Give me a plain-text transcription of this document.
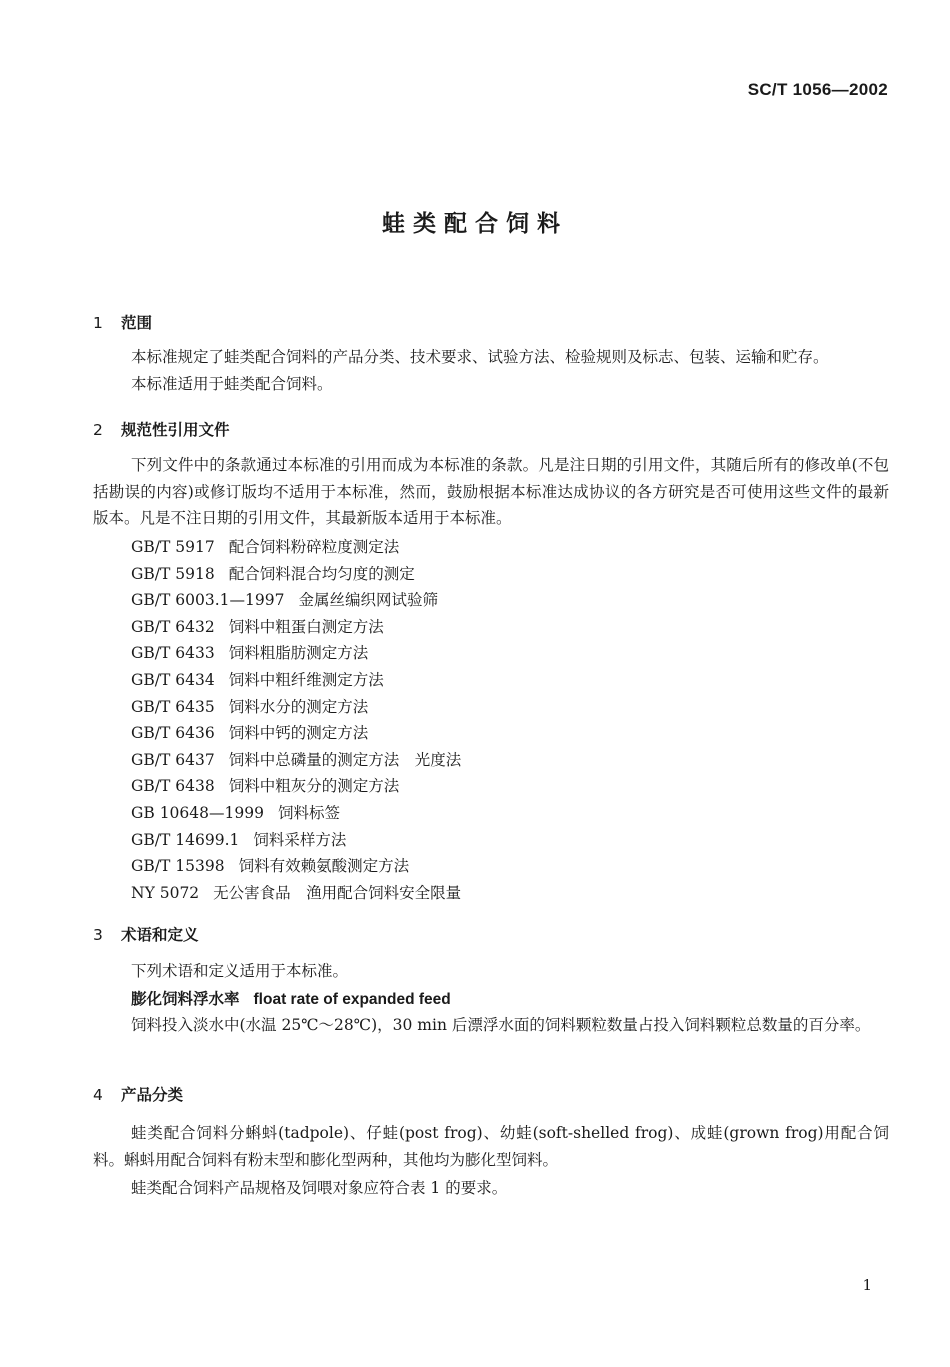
SC/T 1056—2002
蛙类配合饲料
1 范围

本标准规定了蛙类配合饲料的产品分类、技术要求、试验方法、检验规则及标志、包装、运输和贮存。

本标准适用于蛙类配合饲料。

2 规范性引用文件

下列文件中的条款通过本标准的引用而成为本标准的条款。凡是注日期的引用文件，其随后所有的修改单(不包括勘误的内容)或修订版均不适用于本标准，然而，鼓励根据本标准达成协议的各方研究是否可使用这些文件的最新版本。凡是不注日期的引用文件，其最新版本适用于本标准。

GB/T 5917 配合饲料粉碎粒度测定法
GB/T 5918 配合饲料混合均匀度的测定
GB/T 6003.1—1997 金属丝编织网试验筛
GB/T 6432 饲料中粗蛋白测定方法
GB/T 6433 饲料粗脂肪测定方法
GB/T 6434 饲料中粗纤维测定方法
GB/T 6435 饲料水分的测定方法
GB/T 6436 饲料中钙的测定方法
GB/T 6437 饲料中总磷量的测定方法　光度法
GB/T 6438 饲料中粗灰分的测定方法
GB 10648—1999 饲料标签
GB/T 14699.1 饲料采样方法
GB/T 15398 饲料有效赖氨酸测定方法
NY 5072 无公害食品　渔用配合饲料安全限量
3 术语和定义

下列术语和定义适用于本标准。

膨化饲料浮水率 float rate of expanded feed

饲料投入淡水中(水温 25℃～28℃)，30 min 后漂浮水面的饲料颗粒数量占投入饲料颗粒总数量的百分率。

4 产品分类

蛙类配合饲料分蝌蚪(tadpole)、仔蛙(post frog)、幼蛙(soft-shelled frog)、成蛙(grown frog)用配合饲料。蝌蚪用配合饲料有粉末型和膨化型两种，其他均为膨化型饲料。

蛙类配合饲料产品规格及饲喂对象应符合表 1 的要求。

1
